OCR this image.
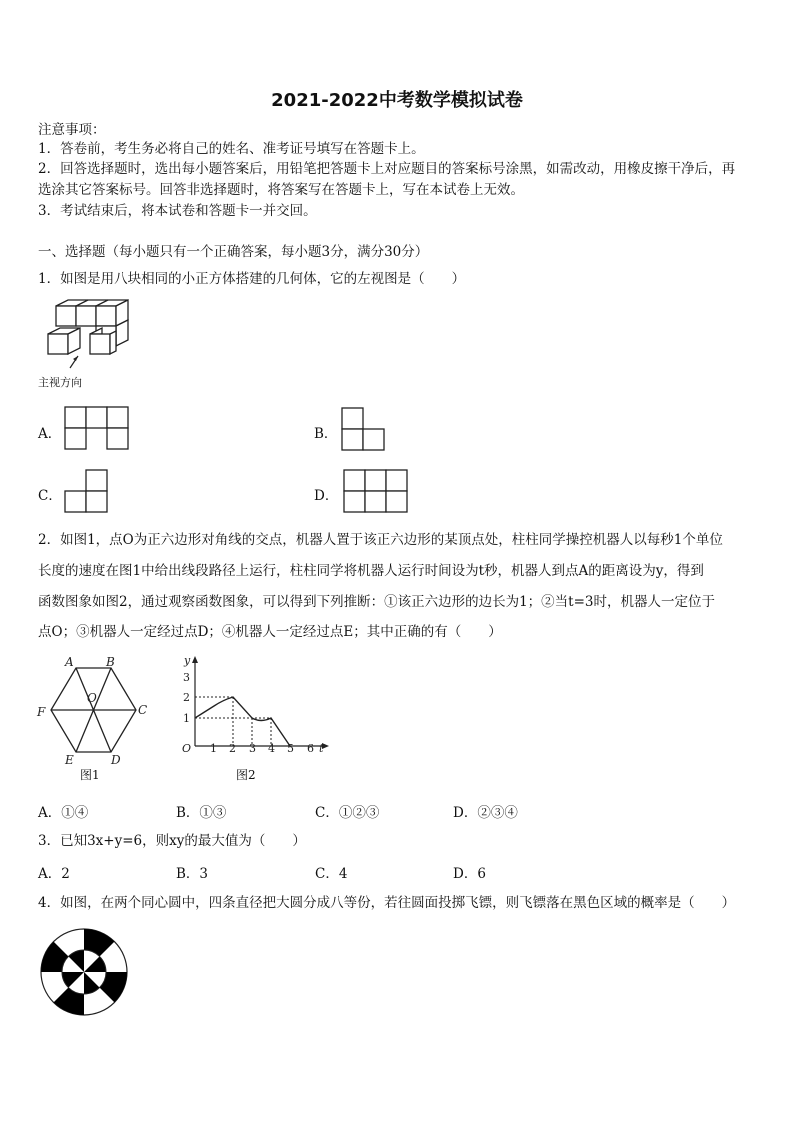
2021-2022中考数学模拟试卷
注意事项：
1．答卷前，考生务必将自己的姓名、准考证号填写在答题卡上。
2．回答选择题时，选出每小题答案后，用铅笔把答题卡上对应题目的答案标号涂黑，如需改动，用橡皮擦干净后，再
选涂其它答案标号。回答非选择题时，将答案写在答题卡上，写在本试卷上无效。
3．考试结束后，将本试卷和答题卡一并交回。
一、选择题（每小题只有一个正确答案，每小题3分，满分30分）
1．如图是用八块相同的小正方体搭建的几何体，它的左视图是（　　）
主视方向
A．	B．
C．	D．
2．如图1，点O为正六边形对角线的交点，机器人置于该正六边形的某顶点处，柱柱同学操控机器人以每秒1个单位
长度的速度在图1中给出线段路径上运行，柱柱同学将机器人运行时间设为t秒，机器人到点A的距离设为y，得到
函数图象如图2，通过观察函数图象，可以得到下列推断：①该正六边形的边长为1；②当t=3时，机器人一定位于
点O；③机器人一定经过点D；④机器人一定经过点E；其中正确的有（　　）
A	B
C
D
E
F
O
图1
y
t
O
1
2
3
1 2 3 4 5 6
图2
A．①④	B．①③	C．①②③	D．②③④
3．已知3x+y=6，则xy的最大值为（　　）
A．2	B．3	C．4	D．6
4．如图，在两个同心圆中，四条直径把大圆分成八等份，若往圆面投掷飞镖，则飞镖落在黑色区域的概率是（　　）
